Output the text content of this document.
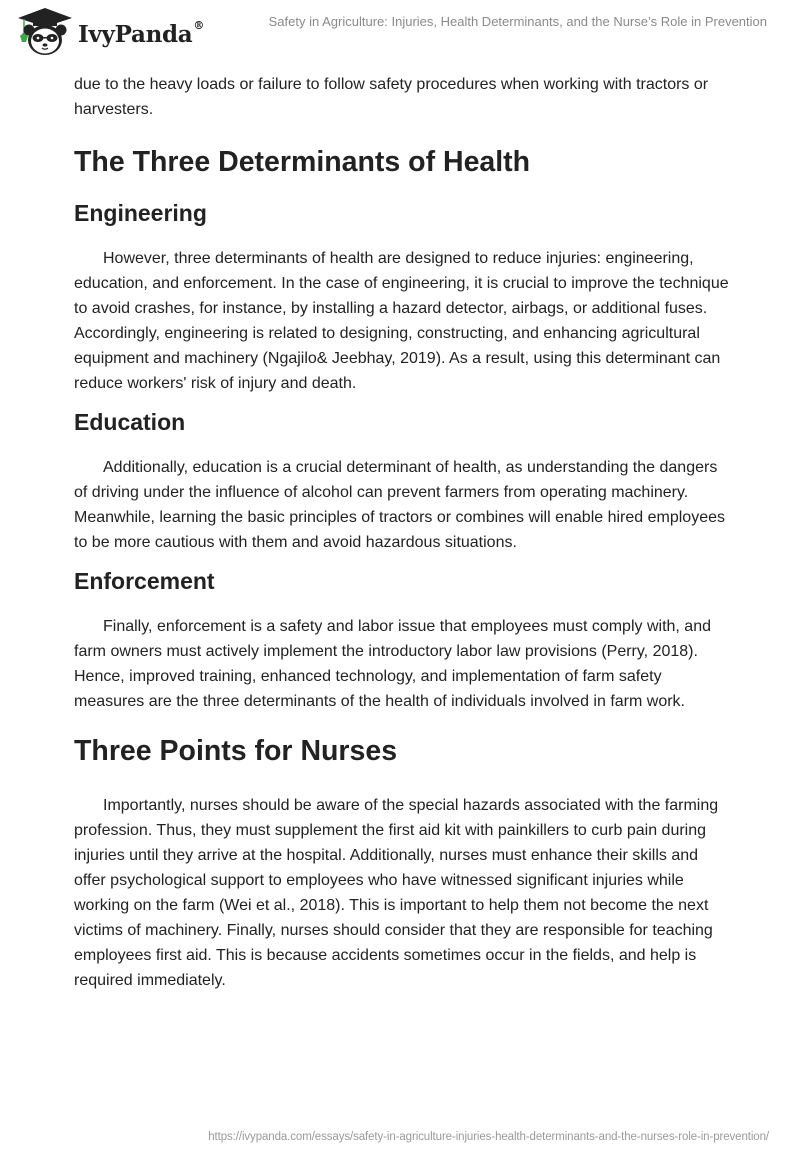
IvyPanda®	Safety in Agriculture: Injuries, Health Determinants, and the Nurse’s Role in Prevention

due to the heavy loads or failure to follow safety procedures when working with tractors or harvesters.

The Three Determinants of Health
Engineering

However, three determinants of health are designed to reduce injuries: engineering, education, and enforcement. In the case of engineering, it is crucial to improve the technique to avoid crashes, for instance, by installing a hazard detector, airbags, or additional fuses. Accordingly, engineering is related to designing, constructing, and enhancing agricultural equipment and machinery (Ngajilo& Jeebhay, 2019). As a result, using this determinant can reduce workers' risk of injury and death.

Education

Additionally, education is a crucial determinant of health, as understanding the dangers of driving under the influence of alcohol can prevent farmers from operating machinery. Meanwhile, learning the basic principles of tractors or combines will enable hired employees to be more cautious with them and avoid hazardous situations.

Enforcement

Finally, enforcement is a safety and labor issue that employees must comply with, and farm owners must actively implement the introductory labor law provisions (Perry, 2018). Hence, improved training, enhanced technology, and implementation of farm safety measures are the three determinants of the health of individuals involved in farm work.

Three Points for Nurses

Importantly, nurses should be aware of the special hazards associated with the farming profession. Thus, they must supplement the first aid kit with painkillers to curb pain during injuries until they arrive at the hospital. Additionally, nurses must enhance their skills and offer psychological support to employees who have witnessed significant injuries while working on the farm (Wei et al., 2018). This is important to help them not become the next victims of machinery. Finally, nurses should consider that they are responsible for teaching employees first aid. This is because accidents sometimes occur in the fields, and help is required immediately.

https://ivypanda.com/essays/safety-in-agriculture-injuries-health-determinants-and-the-nurses-role-in-prevention/
